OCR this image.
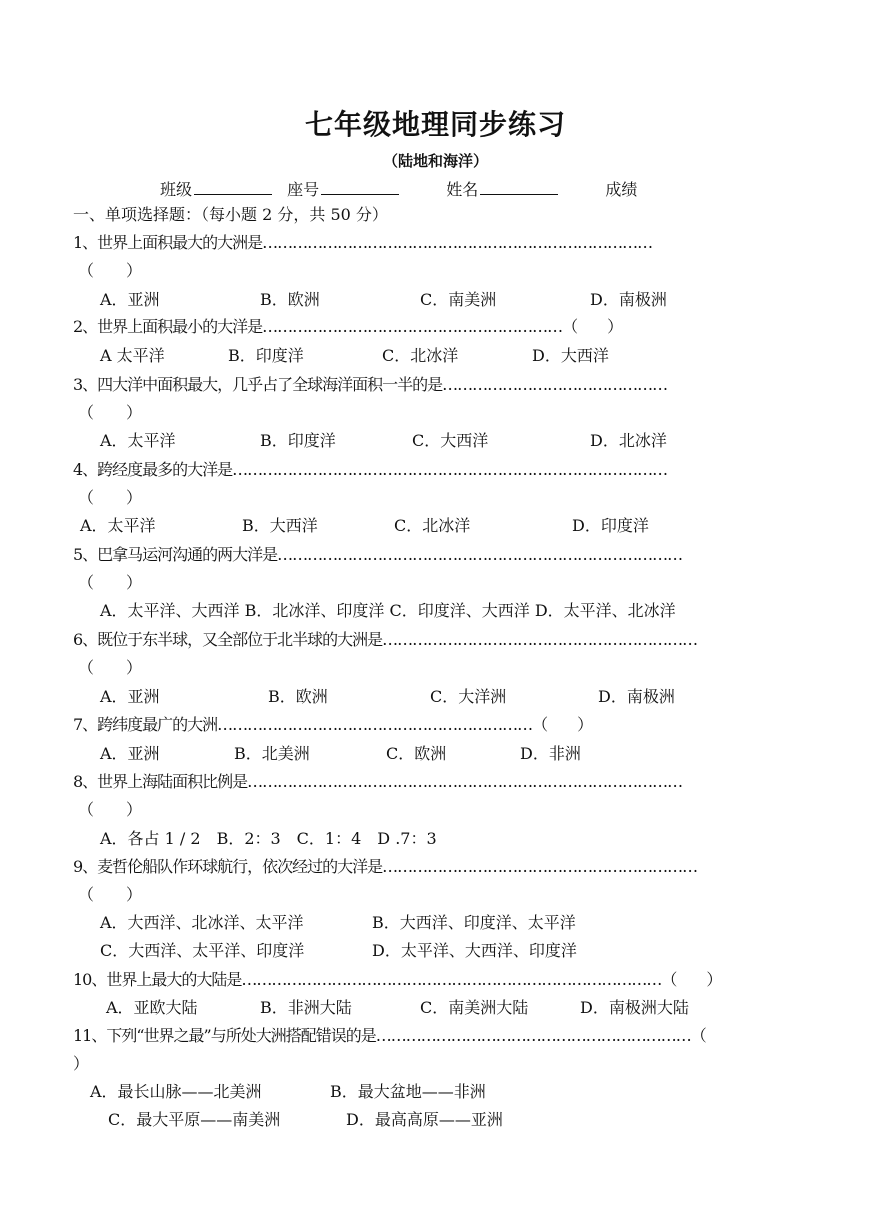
七年级地理同步练习
（陆地和海洋）
班级	座号	姓名	成绩
一、单项选择题：（每小题 2 分，共 50 分）
1、世界上面积最大的大洲是……………………………………………………………………
（　　）
A．亚洲	B．欧洲	C．南美洲	D．南极洲
2、世界上面积最小的大洋是……………………………………………………（　　）
A 太平洋	B．印度洋	C．北冰洋	D．大西洋
3、四大洋中面积最大，几乎占了全球海洋面积一半的是………………………………………
（　　）
A．太平洋	B．印度洋	C．大西洋	D．北冰洋
4、跨经度最多的大洋是……………………………………………………………………………
（　　）
A．太平洋	B．大西洋	C．北冰洋	D．印度洋
5、巴拿马运河沟通的两大洋是………………………………………………………………………
（　　）
A．太平洋、大西洋 B．北冰洋、印度洋 C．印度洋、大西洋 D．太平洋、北冰洋
6、既位于东半球，又全部位于北半球的大洲是………………………………………………………
（　　）
A．亚洲	B．欧洲	C．大洋洲	D．南极洲
7、跨纬度最广的大洲………………………………………………………（　　）
A．亚洲	B．北美洲	C．欧洲	D．非洲
8、世界上海陆面积比例是……………………………………………………………………………
（　　）
A．各占 1 / 2　B．2：3　C．1：4　D .7：3
9、麦哲伦船队作环球航行，依次经过的大洋是………………………………………………………
（　　）
A．大西洋、北冰洋、太平洋	B．大西洋、印度洋、太平洋
C．大西洋、太平洋、印度洋	D．太平洋、大西洋、印度洋
10、世界上最大的大陆是…………………………………………………………………………（　　）
A．亚欧大陆	B．非洲大陆	C．南美洲大陆	D．南极洲大陆
11、下列“世界之最”与所处大洲搭配错误的是………………………………………………………（
）
A．最长山脉——北美洲	B．最大盆地——非洲
C．最大平原——南美洲	D．最高高原——亚洲
